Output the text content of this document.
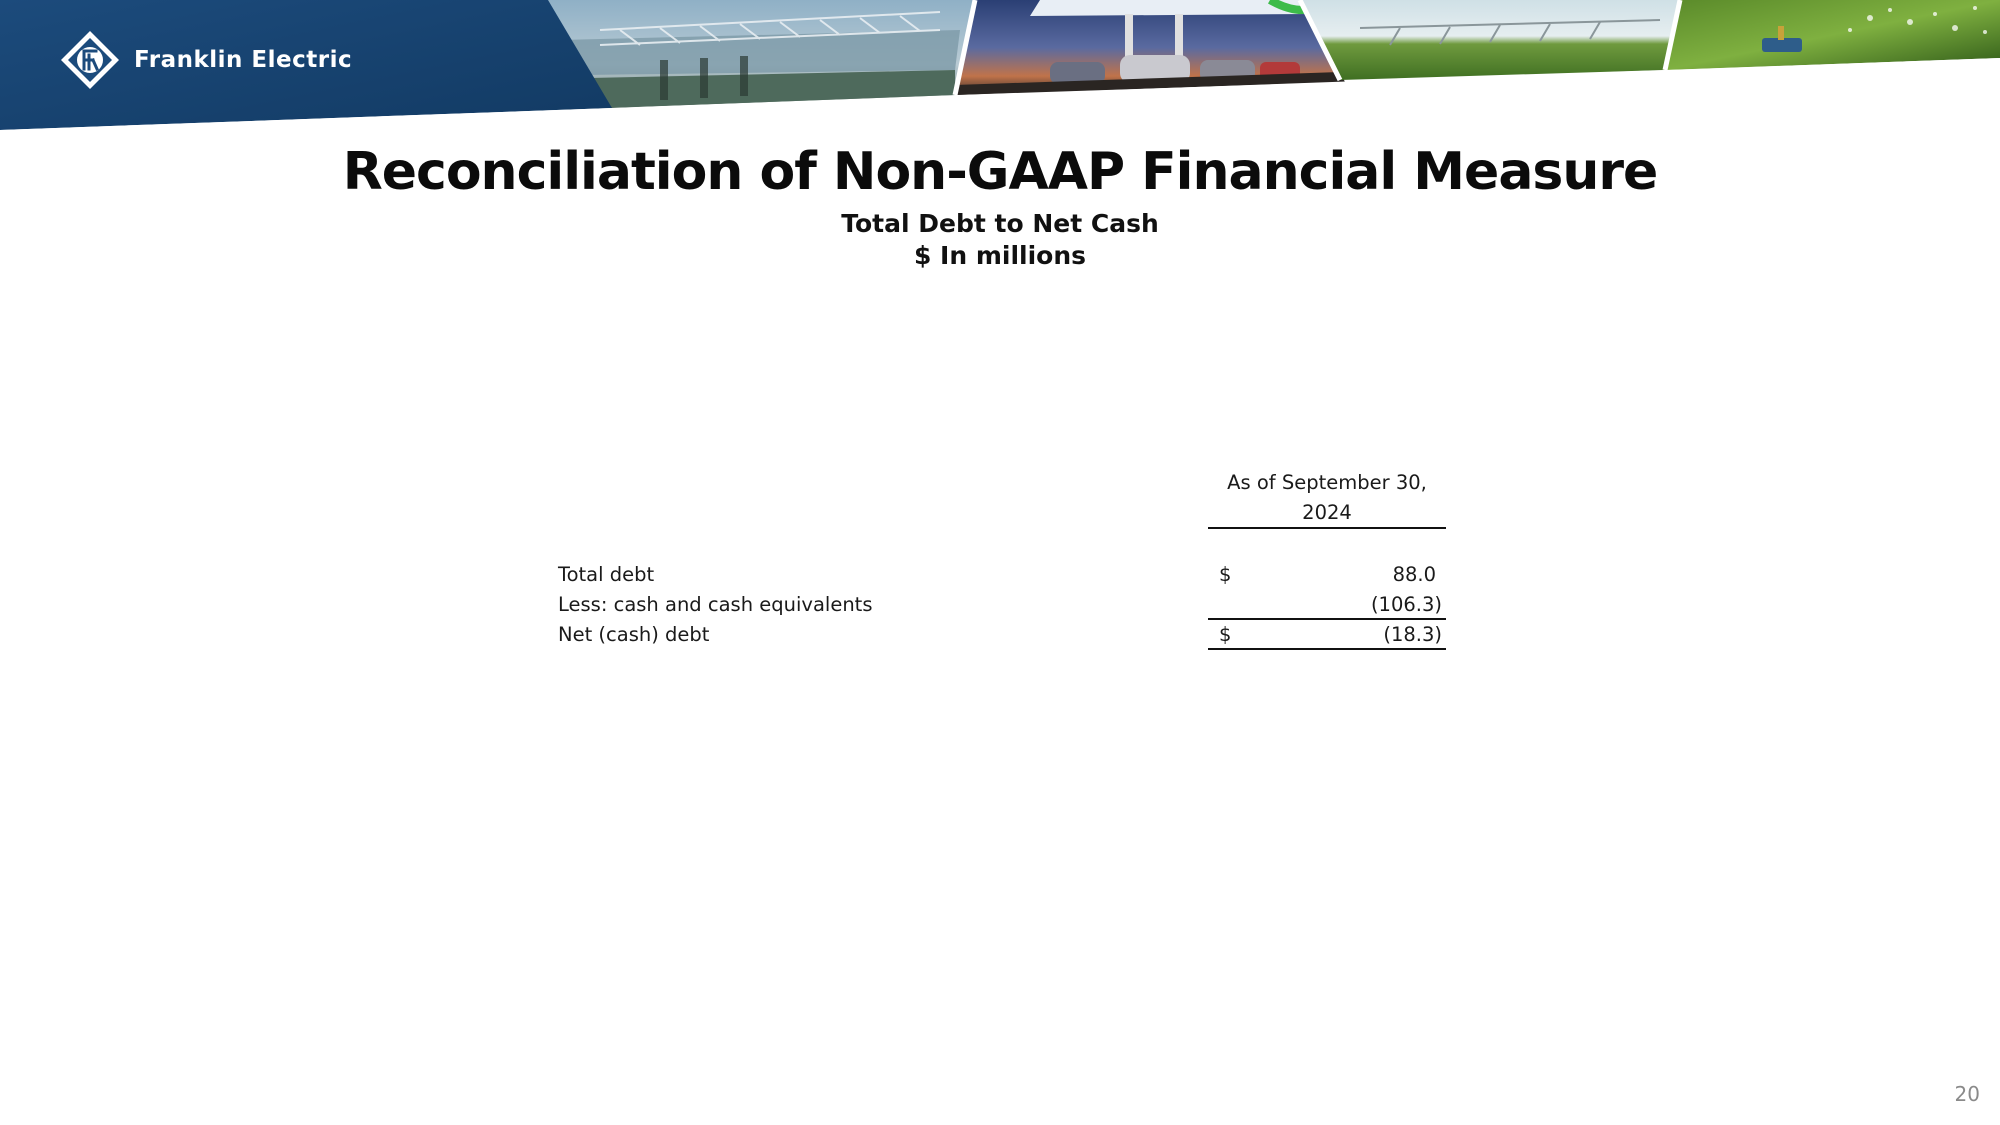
Franklin Electric
Reconciliation of Non-GAAP Financial Measure
Total Debt to Net Cash
$ In millions
As of September 30,
2024
Total debt	$	88.0
Less: cash and cash equivalents	(106.3)
Net (cash) debt	$	(18.3)
20
